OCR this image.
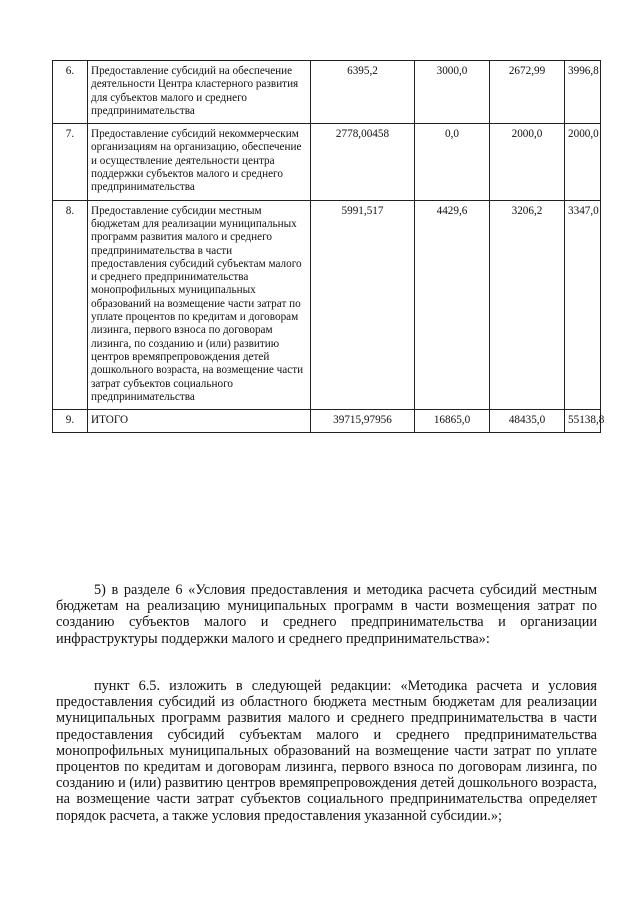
6.	Предоставление субсидий на обеспечение деятельности Центра кластерного развития для субъектов малого и среднего предпринимательства	6395,2	3000,0	2672,99	3996,8
7.	Предоставление субсидий некоммерческим организациям на организацию, обеспечение и осуществление деятельности центра поддержки субъектов малого и среднего предпринимательства	2778,00458	0,0	2000,0	2000,0
8.	Предоставление субсидии местным бюджетам для реализации муниципальных программ развития малого и среднего предпринимательства в части предоставления субсидий субъектам малого и среднего предпринимательства монопрофильных муниципальных образований на возмещение части затрат по уплате процентов по кредитам и договорам лизинга, первого взноса по договорам лизинга, по созданию и (или) развитию центров времяпрепровождения детей дошкольного возраста, на возмещение части затрат субъектов социального предпринимательства	5991,517	4429,6	3206,2	3347,0
9.	ИТОГО	39715,97956	16865,0	48435,0	55138,8

5) в разделе 6 «Условия предоставления и методика расчета субсидий местным бюджетам на реализацию муниципальных программ в части возмещения затрат по созданию субъектов малого и среднего предпринимательства и организации инфраструктуры поддержки малого и среднего предпринимательства»:

пункт 6.5. изложить в следующей редакции: «Методика расчета и условия предоставления субсидий из областного бюджета местным бюджетам для реализации муниципальных программ развития малого и среднего предпринимательства в части предоставления субсидий субъектам малого и среднего предпринимательства монопрофильных муниципальных образований на возмещение части затрат по уплате процентов по кредитам и договорам лизинга, первого взноса по договорам лизинга, по созданию и (или) развитию центров времяпрепровождения детей дошкольного возраста, на возмещение части затрат субъектов социального предпринимательства определяет порядок расчета, а также условия предоставления указанной субсидии.»;
